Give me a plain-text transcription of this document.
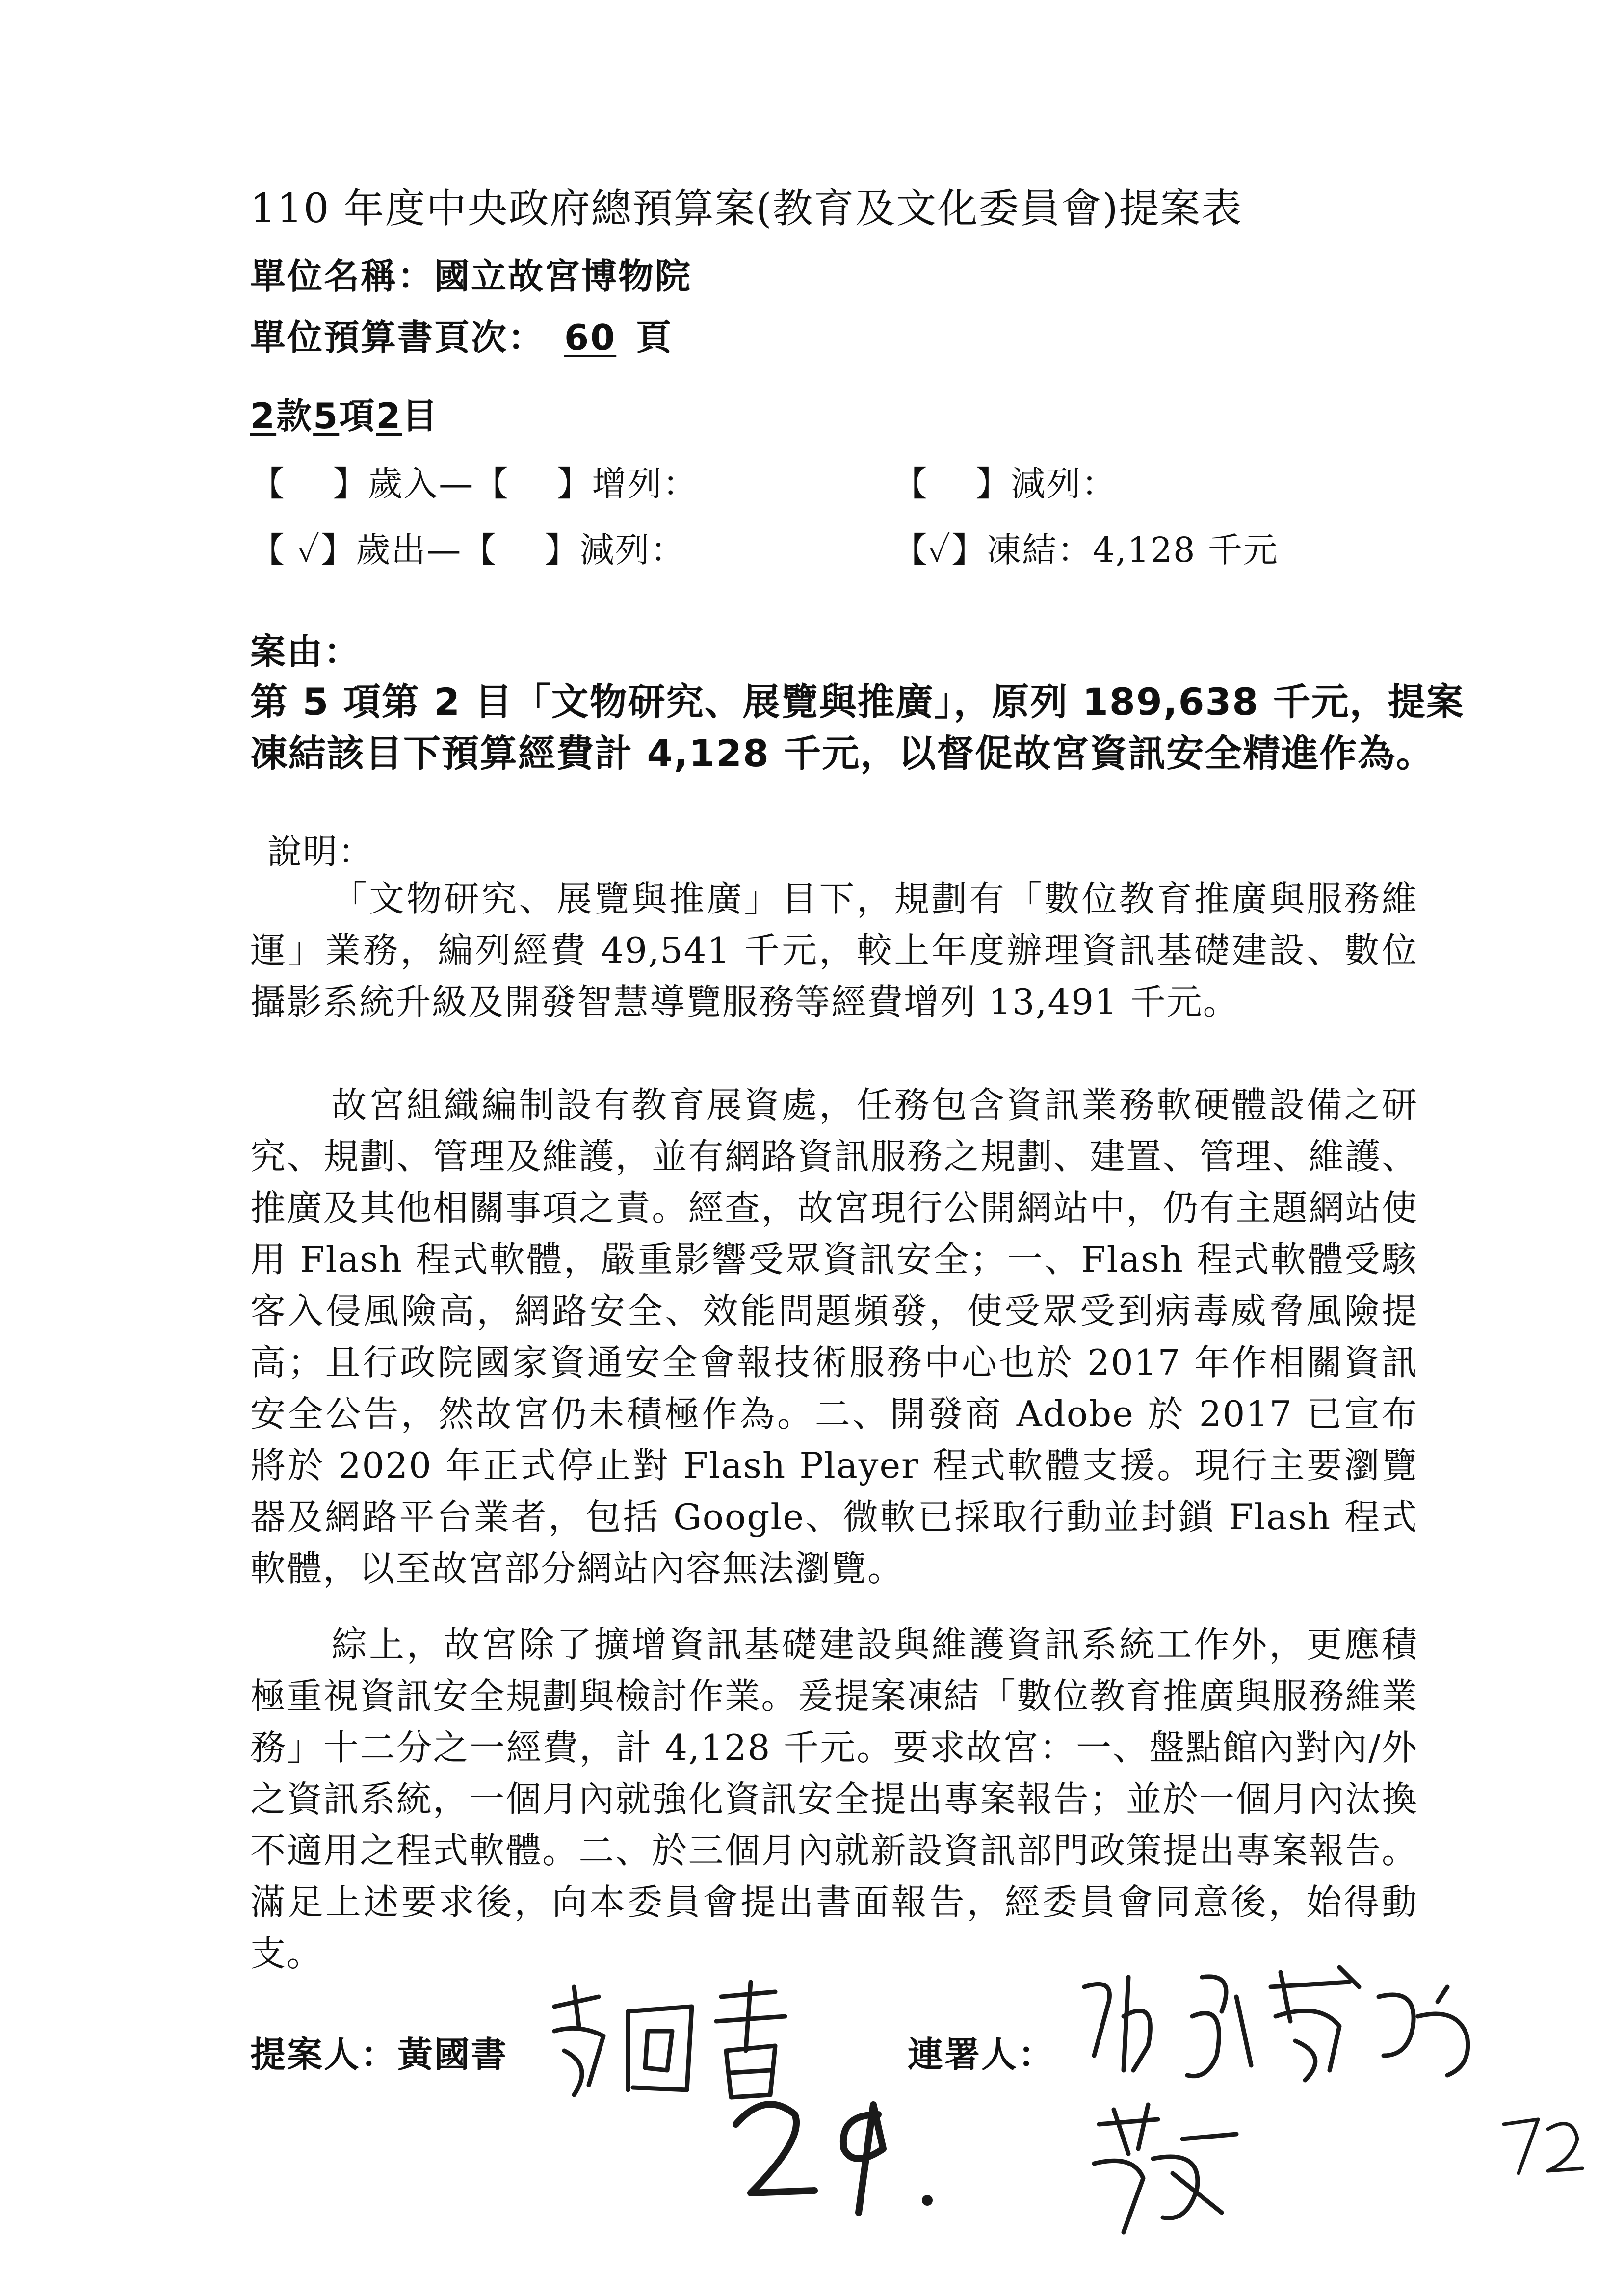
110 年度中央政府總預算案(教育及文化委員會)提案表
單位名稱：國立故宮博物院
單位預算書頁次： 60 頁
2款5項2目
【　 】歲入—【　 】增列：	【　 】減列：
【 ✓】歲出—【　 】減列：	【✓】凍結：4,128 千元
案由：
第 5 項第 2 目「文物研究、展覽與推廣」，原列 189,638 千元，提案
凍結該目下預算經費計 4,128 千元，以督促故宮資訊安全精進作為。
說明：
「文物研究、展覽與推廣」目下，規劃有「數位教育推廣與服務維運」業務，編列經費 49,541 千元，較上年度辦理資訊基礎建設、數位攝影系統升級及開發智慧導覽服務等經費增列 13,491 千元。
故宮組織編制設有教育展資處，任務包含資訊業務軟硬體設備之研究、規劃、管理及維護，並有網路資訊服務之規劃、建置、管理、維護、推廣及其他相關事項之責。經查，故宮現行公開網站中，仍有主題網站使用 Flash 程式軟體，嚴重影響受眾資訊安全；一、Flash 程式軟體受駭客入侵風險高，網路安全、效能問題頻發，使受眾受到病毒威脅風險提高；且行政院國家資通安全會報技術服務中心也於 2017 年作相關資訊安全公告，然故宮仍未積極作為。二、開發商 Adobe 於 2017 已宣布將於 2020 年正式停止對 Flash Player 程式軟體支援。現行主要瀏覽器及網路平台業者，包括 Google、微軟已採取行動並封鎖 Flash 程式軟體，以至故宮部分網站內容無法瀏覽。
綜上，故宮除了擴增資訊基礎建設與維護資訊系統工作外，更應積極重視資訊安全規劃與檢討作業。爰提案凍結「數位教育推廣與服務維業務」十二分之一經費，計 4,128 千元。要求故宮：一、盤點館內對內/外之資訊系統，一個月內就強化資訊安全提出專案報告；並於一個月內汰換不適用之程式軟體。二、於三個月內就新設資訊部門政策提出專案報告。滿足上述要求後，向本委員會提出書面報告，經委員會同意後，始得動支。
提案人：黃國書	連署人：
